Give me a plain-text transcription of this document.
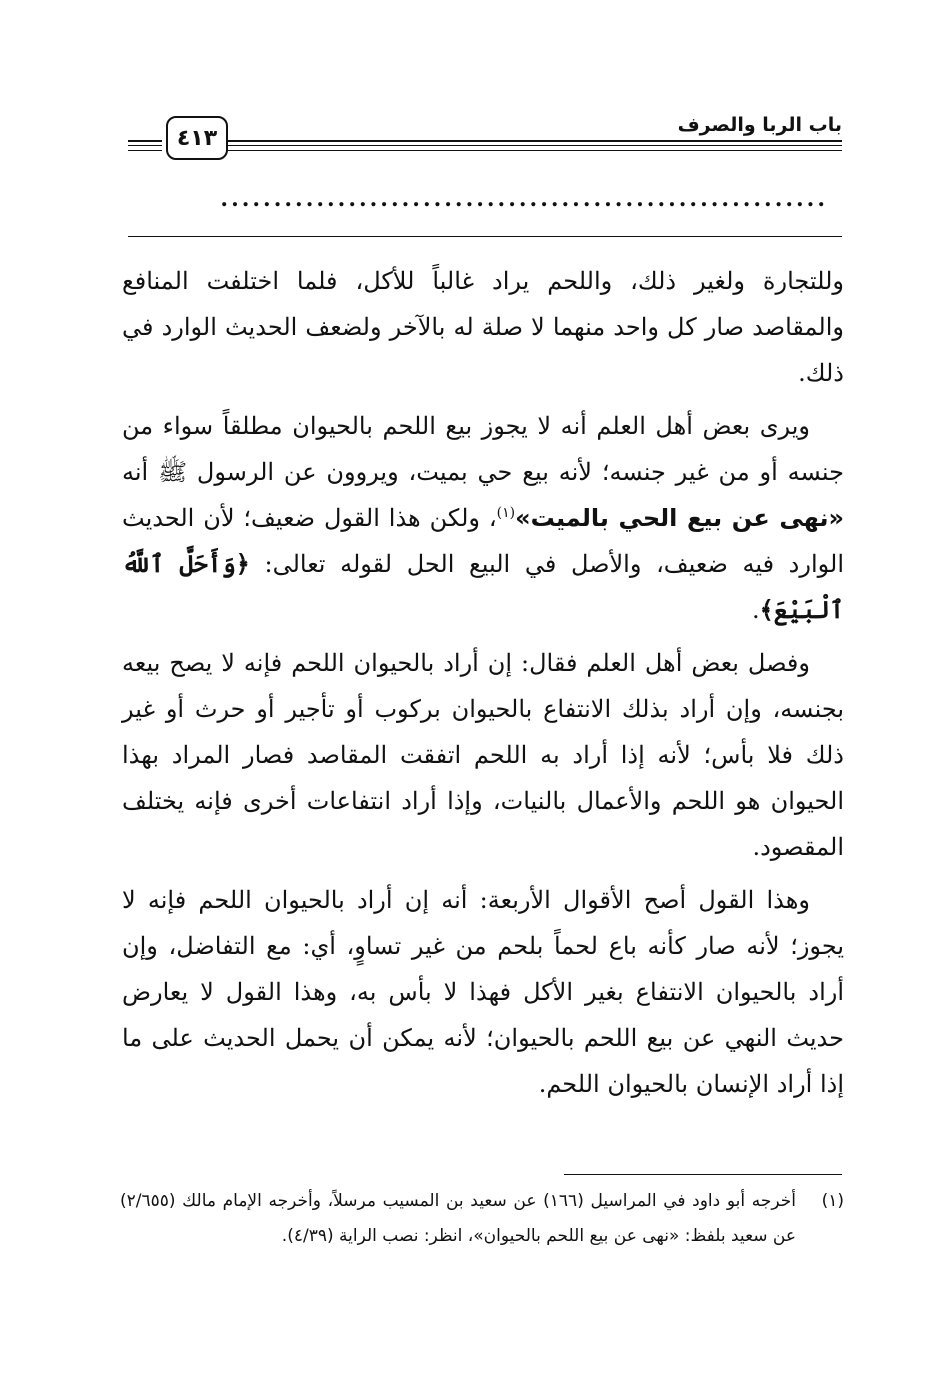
٤١٣
باب الربا والصرف
.........................................................

وللتجارة ولغير ذلك، واللحم يراد غالباً للأكل، فلما اختلفت المنافع والمقاصد صار كل واحد منهما لا صلة له بالآخر ولضعف الحديث الوارد في ذلك.

ويرى بعض أهل العلم أنه لا يجوز بيع اللحم بالحيوان مطلقاً سواء من جنسه أو من غير جنسه؛ لأنه بيع حي بميت، ويروون عن الرسول ﷺ أنه «نهى عن بيع الحي بالميت»$^{(١)}$، ولكن هذا القول ضعيف؛ لأن الحديث الوارد فيه ضعيف، والأصل في البيع الحل لقوله تعالى: ﴿وَأَحَلَّ ٱللَّهُ ٱلْبَيْعَ﴾.

وفصل بعض أهل العلم فقال: إن أراد بالحيوان اللحم فإنه لا يصح بيعه بجنسه، وإن أراد بذلك الانتفاع بالحيوان بركوب أو تأجير أو حرث أو غير ذلك فلا بأس؛ لأنه إذا أراد به اللحم اتفقت المقاصد فصار المراد بهذا الحيوان هو اللحم والأعمال بالنيات، وإذا أراد انتفاعات أخرى فإنه يختلف المقصود.

وهذا القول أصح الأقوال الأربعة: أنه إن أراد بالحيوان اللحم فإنه لا يجوز؛ لأنه صار كأنه باع لحماً بلحم من غير تساوٍ، أي: مع التفاضل، وإن أراد بالحيوان الانتفاع بغير الأكل فهذا لا بأس به، وهذا القول لا يعارض حديث النهي عن بيع اللحم بالحيوان؛ لأنه يمكن أن يحمل الحديث على ما إذا أراد الإنسان بالحيوان اللحم.

(١)
أخرجه أبو داود في المراسيل (١٦٦) عن سعيد بن المسيب مرسلاً، وأخرجه الإمام مالك (٢/٦٥٥) عن سعيد بلفظ: «نهى عن بيع اللحم بالحيوان»، انظر: نصب الراية (٤/٣٩).
